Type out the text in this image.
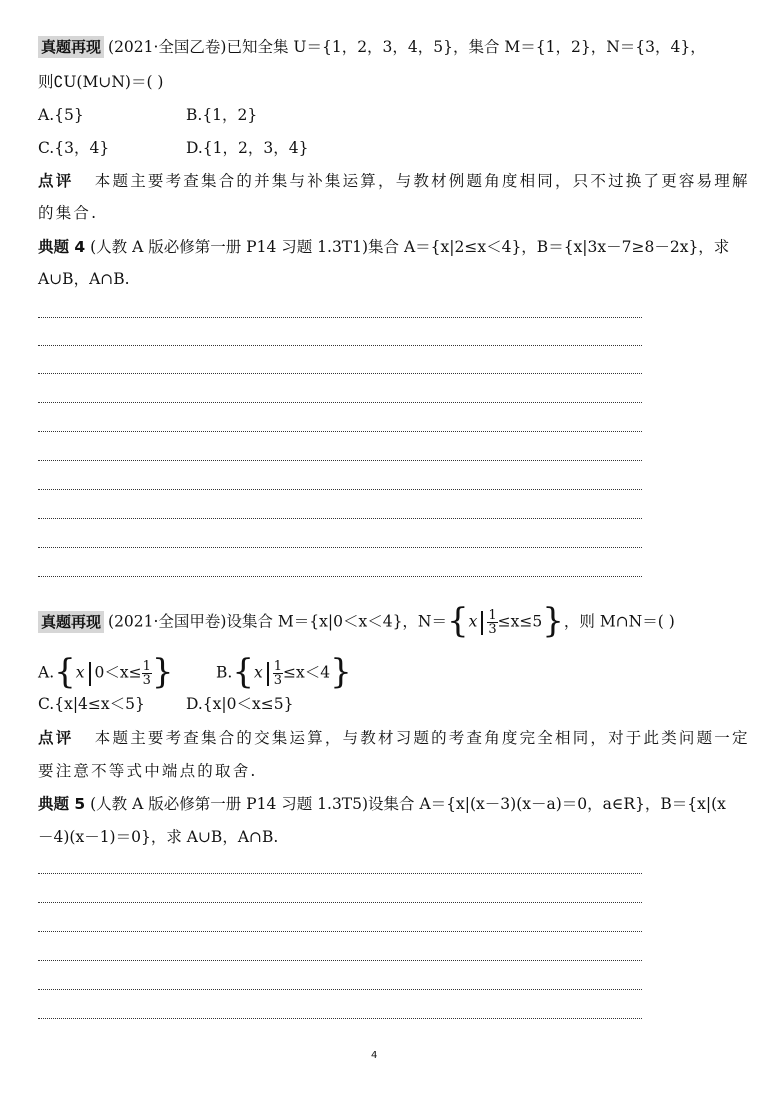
真题再现 (2021·全国乙卷)已知全集 U＝{1，2，3，4，5}，集合 M＝{1，2}，N＝{3，4}，
则∁U(M∪N)＝( )
A.{5}	B.{1，2}
C.{3，4}	D.{1，2，3，4}
点评 本题主要考查集合的并集与补集运算，与教材例题角度相同，只不过换了更容易理解
的集合.
典题 4 (人教 A 版必修第一册 P14 习题 1.3T1)集合 A＝{x|2≤x＜4}，B＝{x|3x－7≥8－2x}，求
A∪B，A∩B.
真题再现 (2021·全国甲卷)设集合 M＝{x|0＜x＜4}，$N=\{x \frac{1}{3} \le x\le 5\}$，则 M∩N＝( )
A.{x $0<x\le \frac{1}{3}$ }	$B.\{x \frac{1}{3} \le x<4\}$
C.{x|4≤x＜5}	D.{x|0＜x≤5}
点评 本题主要考查集合的交集运算，与教材习题的考查角度完全相同，对于此类问题一定
要注意不等式中端点的取舍.
典题 5 (人教 A 版必修第一册 P14 习题 1.3T5)设集合 A＝{x|(x－3)(x－a)＝0，a∈R}，B＝{x|(x
－4)(x－1)＝0}，求 A∪B，A∩B.
4
